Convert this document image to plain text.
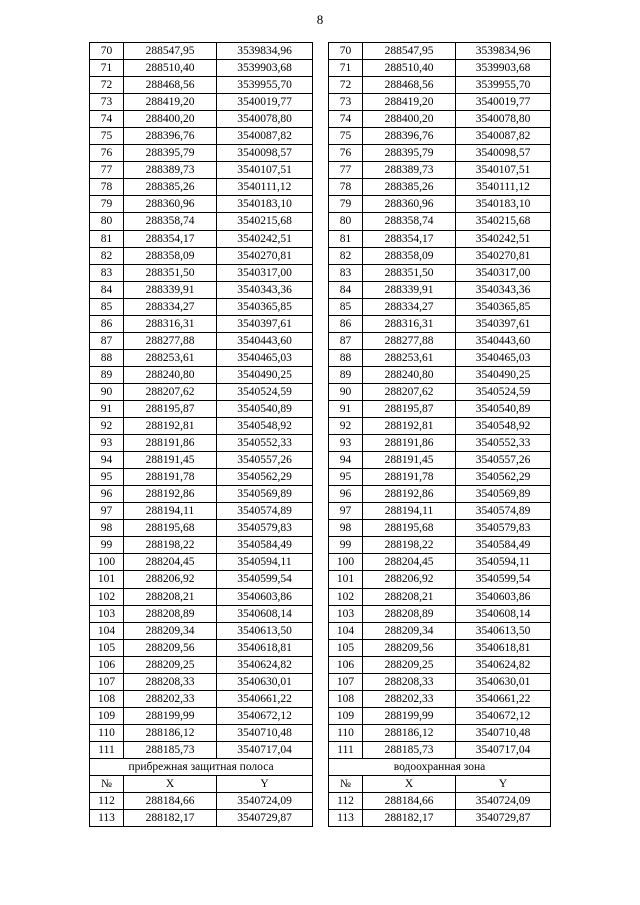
8
70	288547,95	3539834,96
71	288510,40	3539903,68
72	288468,56	3539955,70
73	288419,20	3540019,77
74	288400,20	3540078,80
75	288396,76	3540087,82
76	288395,79	3540098,57
77	288389,73	3540107,51
78	288385,26	3540111,12
79	288360,96	3540183,10
80	288358,74	3540215,68
81	288354,17	3540242,51
82	288358,09	3540270,81
83	288351,50	3540317,00
84	288339,91	3540343,36
85	288334,27	3540365,85
86	288316,31	3540397,61
87	288277,88	3540443,60
88	288253,61	3540465,03
89	288240,80	3540490,25
90	288207,62	3540524,59
91	288195,87	3540540,89
92	288192,81	3540548,92
93	288191,86	3540552,33
94	288191,45	3540557,26
95	288191,78	3540562,29
96	288192,86	3540569,89
97	288194,11	3540574,89
98	288195,68	3540579,83
99	288198,22	3540584,49
100	288204,45	3540594,11
101	288206,92	3540599,54
102	288208,21	3540603,86
103	288208,89	3540608,14
104	288209,34	3540613,50
105	288209,56	3540618,81
106	288209,25	3540624,82
107	288208,33	3540630,01
108	288202,33	3540661,22
109	288199,99	3540672,12
110	288186,12	3540710,48
111	288185,73	3540717,04
прибрежная защитная полоса		
№	X	Y
112	288184,66	3540724,09
113	288182,17	3540729,87
70	288547,95	3539834,96
71	288510,40	3539903,68
72	288468,56	3539955,70
73	288419,20	3540019,77
74	288400,20	3540078,80
75	288396,76	3540087,82
76	288395,79	3540098,57
77	288389,73	3540107,51
78	288385,26	3540111,12
79	288360,96	3540183,10
80	288358,74	3540215,68
81	288354,17	3540242,51
82	288358,09	3540270,81
83	288351,50	3540317,00
84	288339,91	3540343,36
85	288334,27	3540365,85
86	288316,31	3540397,61
87	288277,88	3540443,60
88	288253,61	3540465,03
89	288240,80	3540490,25
90	288207,62	3540524,59
91	288195,87	3540540,89
92	288192,81	3540548,92
93	288191,86	3540552,33
94	288191,45	3540557,26
95	288191,78	3540562,29
96	288192,86	3540569,89
97	288194,11	3540574,89
98	288195,68	3540579,83
99	288198,22	3540584,49
100	288204,45	3540594,11
101	288206,92	3540599,54
102	288208,21	3540603,86
103	288208,89	3540608,14
104	288209,34	3540613,50
105	288209,56	3540618,81
106	288209,25	3540624,82
107	288208,33	3540630,01
108	288202,33	3540661,22
109	288199,99	3540672,12
110	288186,12	3540710,48
111	288185,73	3540717,04
водоохранная зона		
№	X	Y
112	288184,66	3540724,09
113	288182,17	3540729,87
